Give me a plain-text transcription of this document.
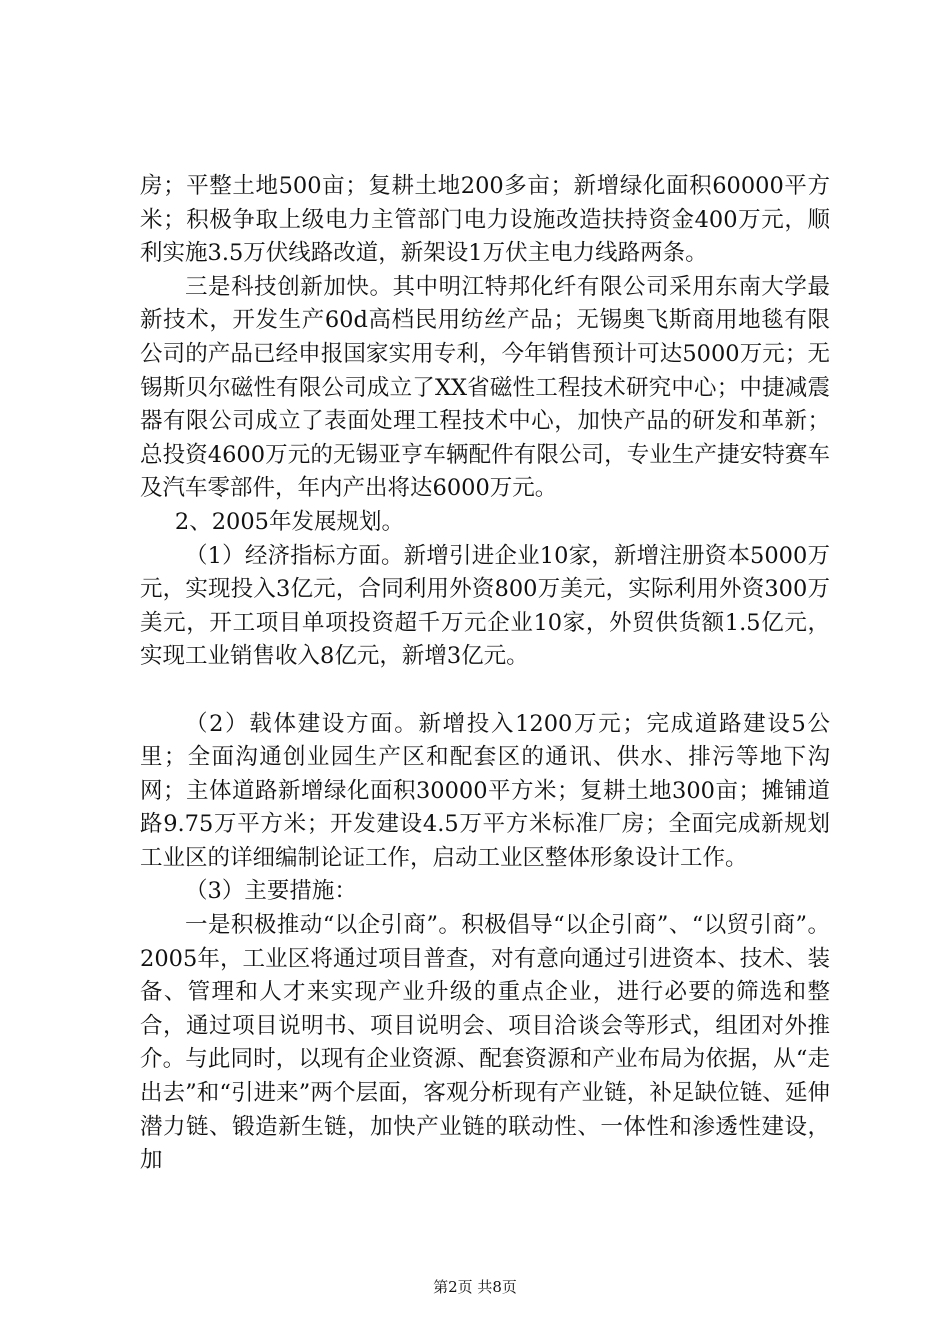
房；平整土地500亩；复耕土地200多亩；新增绿化面积60000平方米；积极争取上级电力主管部门电力设施改造扶持资金400万元，顺利实施3.5万伏线路改道，新架设1万伏主电力线路两条。

三是科技创新加快。其中明江特邦化纤有限公司采用东南大学最新技术，开发生产60d高档民用纺丝产品；无锡奥飞斯商用地毯有限公司的产品已经申报国家实用专利，今年销售预计可达5000万元；无锡斯贝尔磁性有限公司成立了XX省磁性工程技术研究中心；中捷减震器有限公司成立了表面处理工程技术中心，加快产品的研发和革新；总投资4600万元的无锡亚亨车辆配件有限公司，专业生产捷安特赛车及汽车零部件，年内产出将达6000万元。

2、2005年发展规划。

（1）经济指标方面。新增引进企业10家，新增注册资本5000万元，实现投入3亿元，合同利用外资800万美元，实际利用外资300万美元，开工项目单项投资超千万元企业10家，外贸供货额1.5亿元，实现工业销售收入8亿元，新增3亿元。

（2）载体建设方面。新增投入1200万元；完成道路建设5公里；全面沟通创业园生产区和配套区的通讯、供水、排污等地下沟网；主体道路新增绿化面积30000平方米；复耕土地300亩；摊铺道路9.75万平方米；开发建设4.5万平方米标准厂房；全面完成新规划工业区的详细编制论证工作，启动工业区整体形象设计工作。

（3）主要措施：

一是积极推动“以企引商”。积极倡导“以企引商”、“以贸引商”。2005年，工业区将通过项目普查，对有意向通过引进资本、技术、装备、管理和人才来实现产业升级的重点企业，进行必要的筛选和整合，通过项目说明书、项目说明会、项目洽谈会等形式，组团对外推介。与此同时，以现有企业资源、配套资源和产业布局为依据，从“走出去”和“引进来”两个层面，客观分析现有产业链，补足缺位链、延伸潜力链、锻造新生链，加快产业链的联动性、一体性和渗透性建设，加

第2页 共8页
